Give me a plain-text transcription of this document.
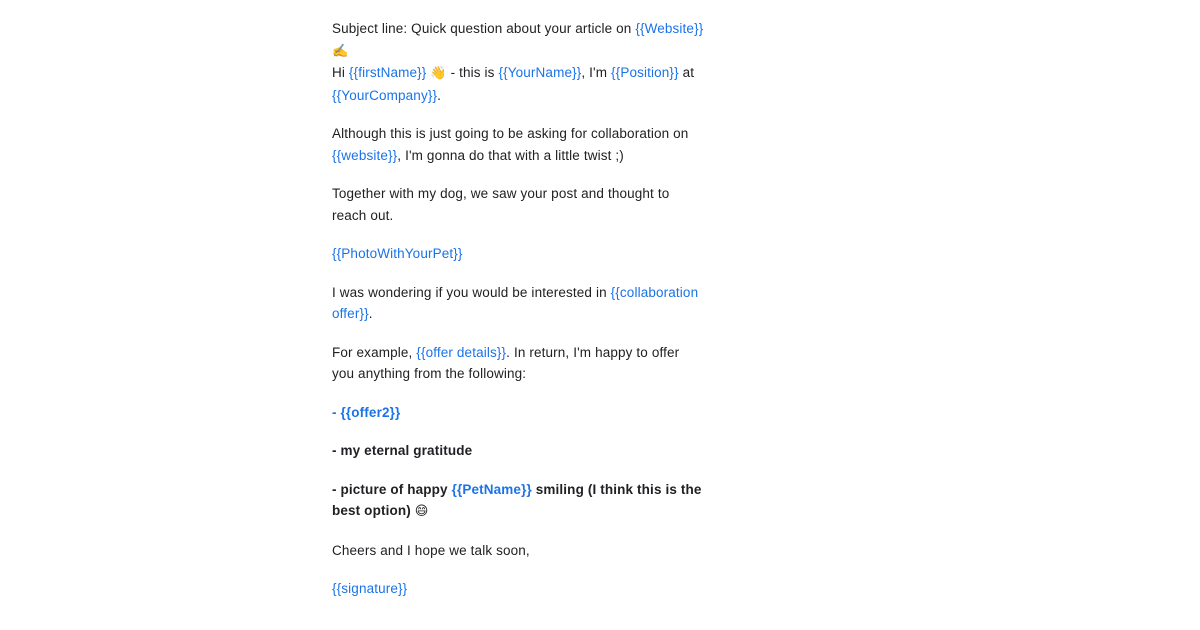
Subject line: Quick question about your article on {{Website}} ✍️
Hi {{firstName}} 👋 - this is {{YourName}}, I'm {{Position}} at {{YourCompany}}.

Although this is just going to be asking for collaboration on {{website}}, I'm gonna do that with a little twist ;)

Together with my dog, we saw your post and thought to reach out.

{{PhotoWithYourPet}}

I was wondering if you would be interested in {{collaboration offer}}.

For example, {{offer details}}. In return, I'm happy to offer you anything from the following:

- {{offer2}}

- my eternal gratitude

- picture of happy {{PetName}} smiling (I think this is the best option) 😄

Cheers and I hope we talk soon,

{{signature}}
